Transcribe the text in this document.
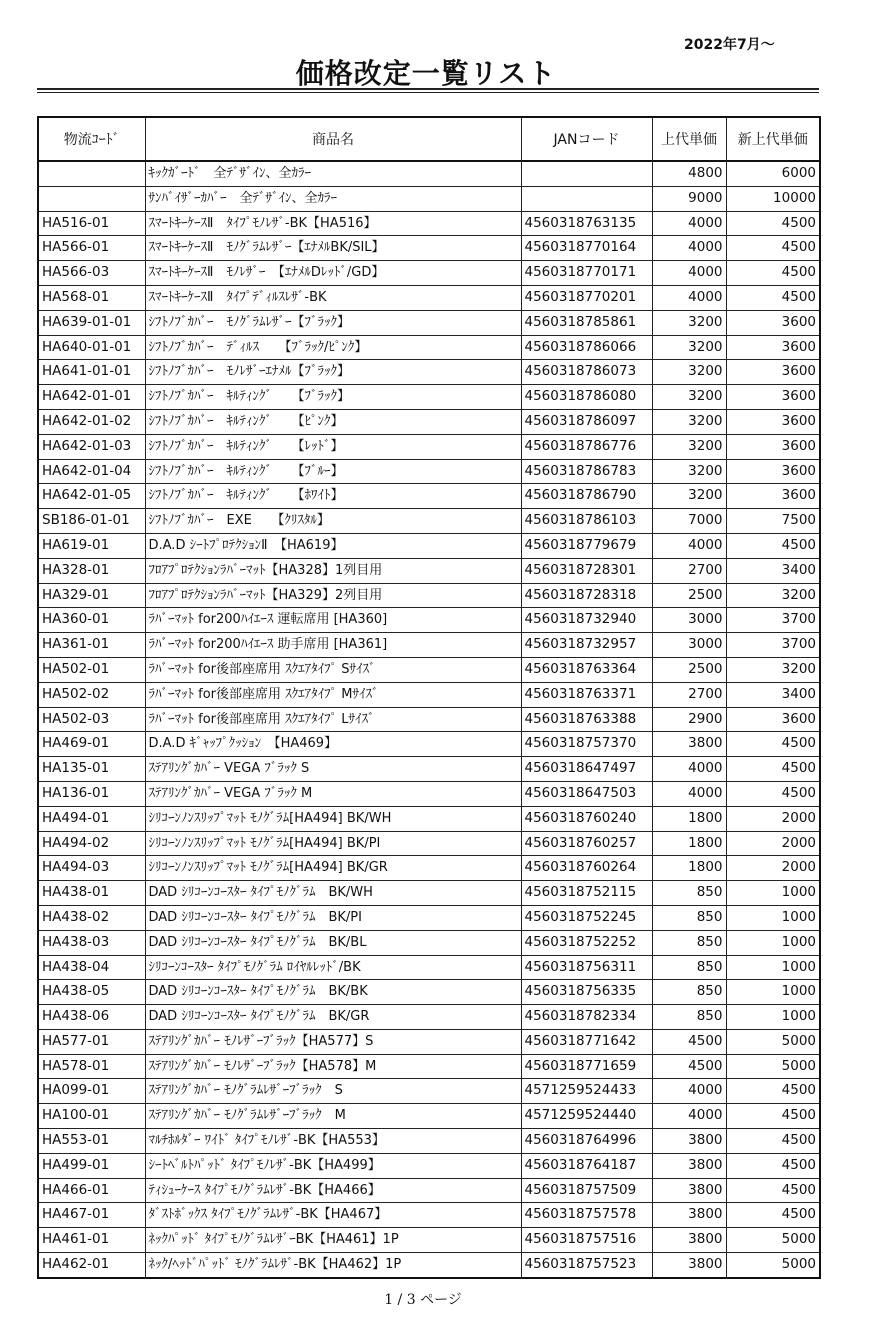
2022年7月～
価格改定一覧リスト
物流ｺｰﾄﾞ	商品名	JANコード	上代単価	新上代単価
	ｷｯｸｶﾞｰﾄﾞ　全ﾃﾞｻﾞｲﾝ、全ｶﾗｰ		4800	6000
	ｻﾝﾊﾞｲｻﾞｰｶﾊﾞｰ　全ﾃﾞｻﾞｲﾝ、全ｶﾗｰ		9000	10000
HA516-01	ｽﾏｰﾄｷｰｹｰｽⅡ　ﾀｲﾌﾟﾓﾉﾚｻﾞ-BK【HA516】	4560318763135	4000	4500
HA566-01	ｽﾏｰﾄｷｰｹｰｽⅡ　ﾓﾉｸﾞﾗﾑﾚｻﾞｰ【ｴﾅﾒﾙBK/SIL】	4560318770164	4000	4500
HA566-03	ｽﾏｰﾄｷｰｹｰｽⅡ　ﾓﾉﾚｻﾞｰ　【ｴﾅﾒﾙDﾚｯﾄﾞ/GD】	4560318770171	4000	4500
HA568-01	ｽﾏｰﾄｷｰｹｰｽⅡ　ﾀｲﾌﾟﾃﾞｨﾙｽﾚｻﾞ-BK	4560318770201	4000	4500
HA639-01-01	ｼﾌﾄﾉﾌﾞｶﾊﾞｰ　ﾓﾉｸﾞﾗﾑﾚｻﾞｰ【ﾌﾞﾗｯｸ】	4560318785861	3200	3600
HA640-01-01	ｼﾌﾄﾉﾌﾞｶﾊﾞｰ　ﾃﾞｨﾙｽ　　【ﾌﾞﾗｯｸ/ﾋﾟﾝｸ】	4560318786066	3200	3600
HA641-01-01	ｼﾌﾄﾉﾌﾞｶﾊﾞｰ　ﾓﾉﾚｻﾞｰｴﾅﾒﾙ【ﾌﾞﾗｯｸ】	4560318786073	3200	3600
HA642-01-01	ｼﾌﾄﾉﾌﾞｶﾊﾞｰ　ｷﾙﾃｨﾝｸﾞ　　【ﾌﾞﾗｯｸ】	4560318786080	3200	3600
HA642-01-02	ｼﾌﾄﾉﾌﾞｶﾊﾞｰ　ｷﾙﾃｨﾝｸﾞ　　【ﾋﾟﾝｸ】	4560318786097	3200	3600
HA642-01-03	ｼﾌﾄﾉﾌﾞｶﾊﾞｰ　ｷﾙﾃｨﾝｸﾞ　　【ﾚｯﾄﾞ】	4560318786776	3200	3600
HA642-01-04	ｼﾌﾄﾉﾌﾞｶﾊﾞｰ　ｷﾙﾃｨﾝｸﾞ　　【ﾌﾞﾙｰ】	4560318786783	3200	3600
HA642-01-05	ｼﾌﾄﾉﾌﾞｶﾊﾞｰ　ｷﾙﾃｨﾝｸﾞ　　【ﾎﾜｲﾄ】	4560318786790	3200	3600
SB186-01-01	ｼﾌﾄﾉﾌﾞｶﾊﾞｰ　EXE　　【ｸﾘｽﾀﾙ】	4560318786103	7000	7500
HA619-01	D.A.D ｼｰﾄﾌﾟﾛﾃｸｼｮﾝⅡ　【HA619】	4560318779679	4000	4500
HA328-01	ﾌﾛｱﾌﾟﾛﾃｸｼｮﾝﾗﾊﾞｰﾏｯﾄ【HA328】1列目用	4560318728301	2700	3400
HA329-01	ﾌﾛｱﾌﾟﾛﾃｸｼｮﾝﾗﾊﾞｰﾏｯﾄ【HA329】2列目用	4560318728318	2500	3200
HA360-01	ﾗﾊﾞｰﾏｯﾄ for200ﾊｲｴｰｽ 運転席用 [HA360]	4560318732940	3000	3700
HA361-01	ﾗﾊﾞｰﾏｯﾄ for200ﾊｲｴｰｽ 助手席用 [HA361]	4560318732957	3000	3700
HA502-01	ﾗﾊﾞｰﾏｯﾄ for後部座席用 ｽｸｴｱﾀｲﾌﾟ Sｻｲｽﾞ	4560318763364	2500	3200
HA502-02	ﾗﾊﾞｰﾏｯﾄ for後部座席用 ｽｸｴｱﾀｲﾌﾟ Mｻｲｽﾞ	4560318763371	2700	3400
HA502-03	ﾗﾊﾞｰﾏｯﾄ for後部座席用 ｽｸｴｱﾀｲﾌﾟ Lｻｲｽﾞ	4560318763388	2900	3600
HA469-01	D.A.D ｷﾞｬｯﾌﾟｸｯｼｮﾝ　【HA469】	4560318757370	3800	4500
HA135-01	ｽﾃｱﾘﾝｸﾞｶﾊﾞｰ VEGA ﾌﾞﾗｯｸ S	4560318647497	4000	4500
HA136-01	ｽﾃｱﾘﾝｸﾞｶﾊﾞｰ VEGA ﾌﾞﾗｯｸ M	4560318647503	4000	4500
HA494-01	ｼﾘｺｰﾝﾉﾝｽﾘｯﾌﾟﾏｯﾄ ﾓﾉｸﾞﾗﾑ[HA494] BK/WH	4560318760240	1800	2000
HA494-02	ｼﾘｺｰﾝﾉﾝｽﾘｯﾌﾟﾏｯﾄ ﾓﾉｸﾞﾗﾑ[HA494] BK/PI	4560318760257	1800	2000
HA494-03	ｼﾘｺｰﾝﾉﾝｽﾘｯﾌﾟﾏｯﾄ ﾓﾉｸﾞﾗﾑ[HA494] BK/GR	4560318760264	1800	2000
HA438-01	DAD ｼﾘｺｰﾝｺｰｽﾀｰ ﾀｲﾌﾟﾓﾉｸﾞﾗﾑ　BK/WH	4560318752115	850	1000
HA438-02	DAD ｼﾘｺｰﾝｺｰｽﾀｰ ﾀｲﾌﾟﾓﾉｸﾞﾗﾑ　BK/PI	4560318752245	850	1000
HA438-03	DAD ｼﾘｺｰﾝｺｰｽﾀｰ ﾀｲﾌﾟﾓﾉｸﾞﾗﾑ　BK/BL	4560318752252	850	1000
HA438-04	ｼﾘｺｰﾝｺｰｽﾀｰ ﾀｲﾌﾟﾓﾉｸﾞﾗﾑ ﾛｲﾔﾙﾚｯﾄﾞ/BK	4560318756311	850	1000
HA438-05	DAD ｼﾘｺｰﾝｺｰｽﾀｰ ﾀｲﾌﾟﾓﾉｸﾞﾗﾑ　BK/BK	4560318756335	850	1000
HA438-06	DAD ｼﾘｺｰﾝｺｰｽﾀｰ ﾀｲﾌﾟﾓﾉｸﾞﾗﾑ　BK/GR	4560318782334	850	1000
HA577-01	ｽﾃｱﾘﾝｸﾞｶﾊﾞｰ ﾓﾉﾚｻﾞｰﾌﾞﾗｯｸ【HA577】S	4560318771642	4500	5000
HA578-01	ｽﾃｱﾘﾝｸﾞｶﾊﾞｰ ﾓﾉﾚｻﾞｰﾌﾞﾗｯｸ【HA578】M	4560318771659	4500	5000
HA099-01	ｽﾃｱﾘﾝｸﾞｶﾊﾞｰ ﾓﾉｸﾞﾗﾑﾚｻﾞｰﾌﾞﾗｯｸ　S	4571259524433	4000	4500
HA100-01	ｽﾃｱﾘﾝｸﾞｶﾊﾞｰ ﾓﾉｸﾞﾗﾑﾚｻﾞｰﾌﾞﾗｯｸ　M	4571259524440	4000	4500
HA553-01	ﾏﾙﾁﾎﾙﾀﾞｰ ﾜｲﾄﾞ ﾀｲﾌﾟﾓﾉﾚｻﾞ-BK【HA553】	4560318764996	3800	4500
HA499-01	ｼｰﾄﾍﾞﾙﾄﾊﾟｯﾄﾞ ﾀｲﾌﾟﾓﾉﾚｻﾞ-BK【HA499】	4560318764187	3800	4500
HA466-01	ﾃｨｼｭｰｹｰｽ ﾀｲﾌﾟﾓﾉｸﾞﾗﾑﾚｻﾞ-BK【HA466】	4560318757509	3800	4500
HA467-01	ﾀﾞｽﾄﾎﾞｯｸｽ ﾀｲﾌﾟﾓﾉｸﾞﾗﾑﾚｻﾞ-BK【HA467】	4560318757578	3800	4500
HA461-01	ﾈｯｸﾊﾟｯﾄﾞ ﾀｲﾌﾟﾓﾉｸﾞﾗﾑﾚｻﾞｰBK【HA461】1P	4560318757516	3800	5000
HA462-01	ﾈｯｸ/ﾍｯﾄﾞﾊﾟｯﾄﾞ ﾓﾉｸﾞﾗﾑﾚｻﾞ-BK【HA462】1P	4560318757523	3800	5000
1 / 3 ページ
